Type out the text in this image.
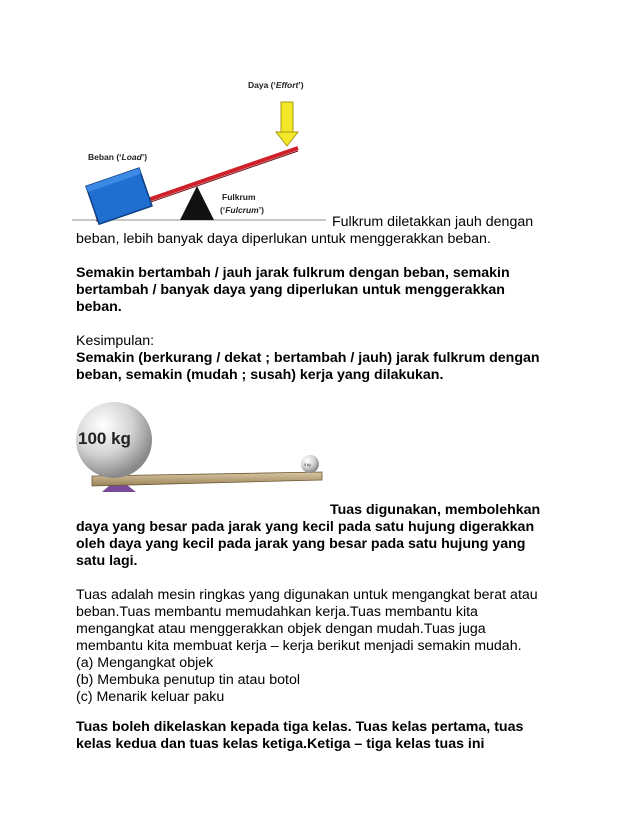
Daya (‘Effort’)
Beban (‘Load’)
Fulkrum
(‘Fulcrum’)
Fulkrum diletakkan jauh dengan

beban, lebih banyak daya diperlukan untuk menggerakkan beban.

Semakin bertambah / jauh jarak fulkrum dengan beban, semakin
bertambah / banyak daya yang diperlukan untuk menggerakkan
beban.
Kesimpulan:
Semakin (berkurang / dekat ; bertambah / jauh) jarak fulkrum dengan
beban, semakin (mudah ; susah) kerja yang dilakukan.
100 kg
5 kg
Tuas digunakan, membolehkan
daya yang besar pada jarak yang kecil pada satu hujung digerakkan
oleh daya yang kecil pada jarak yang besar pada satu hujung yang
satu lagi.
Tuas adalah mesin ringkas yang digunakan untuk mengangkat berat atau
beban.Tuas membantu memudahkan kerja.Tuas membantu kita
mengangkat atau menggerakkan objek dengan mudah.Tuas juga
membantu kita membuat kerja – kerja berikut menjadi semakin mudah.
(a) Mengangkat objek
(b) Membuka penutup tin atau botol
(c) Menarik keluar paku
Tuas boleh dikelaskan kepada tiga kelas. Tuas kelas pertama, tuas
kelas kedua dan tuas kelas ketiga.Ketiga – tiga kelas tuas ini
